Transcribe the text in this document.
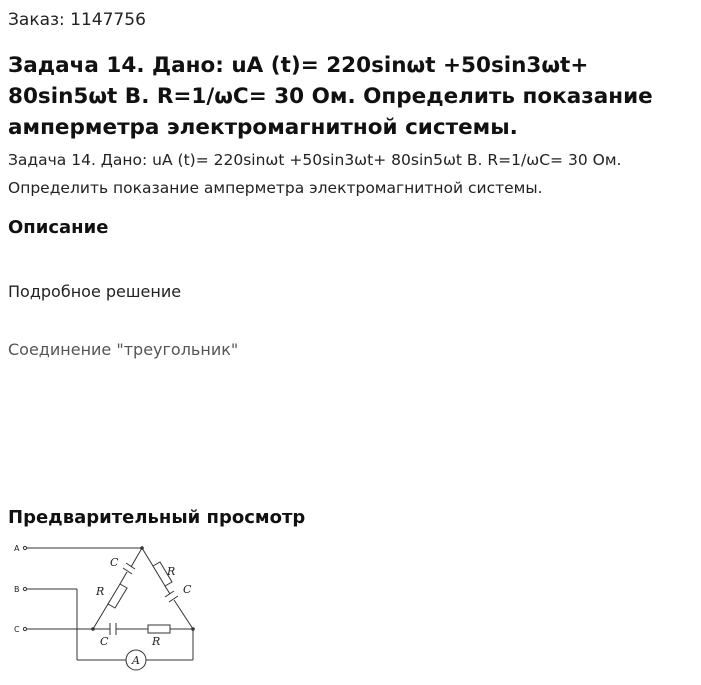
Заказ: 1147756
Задача 14. Дано: uA (t)= 220sinωt +50sin3ωt+ 80sin5ωt В. R=1/ωC= 30 Ом. Определить показание амперметра электромагнитной системы.

Задача 14. Дано: uA (t)= 220sinωt +50sin3ωt+ 80sin5ωt В. R=1/ωC= 30 Ом. Определить показание амперметра электромагнитной системы.

Описание

Подробное решение

Соединение "треугольник"

Предварительный просмотр
A
B
C
C
R
R
C
C	R
A
